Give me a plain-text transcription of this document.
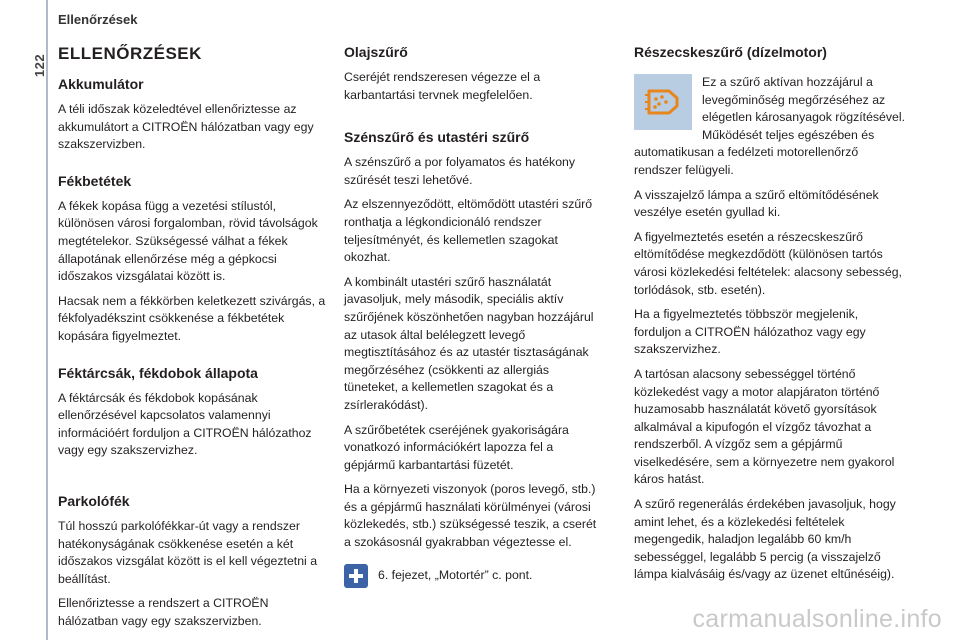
122
Ellenőrzések
ELLENŐRZÉSEK
Akkumulátor

A téli időszak közeledtével ellenőriztesse az akkumulátort a CITROËN hálózatban vagy egy szakszervizben.

Fékbetétek

A fékek kopása függ a vezetési stílustól, különösen városi forgalomban, rövid távolságok megtételekor. Szükségessé válhat a fékek állapotának ellenőrzése még a gépkocsi időszakos vizsgálatai között is.

Hacsak nem a fékkörben keletkezett szivárgás, a fékfolyadékszint csökkenése a fékbetétek kopására figyelmeztet.

Féktárcsák, fékdobok állapota

A féktárcsák és fékdobok kopásának ellenőrzésével kapcsolatos valamennyi információért forduljon a CITROËN hálózathoz vagy egy szakszervizhez.

Parkolófék

Túl hosszú parkolófékkar-út vagy a rendszer hatékonyságának csökkenése esetén a két időszakos vizsgálat között is el kell végeztetni a beállítást.

Ellenőriztesse a rendszert a CITROËN hálózatban vagy egy szakszervizben.

Olajszűrő

Cseréjét rendszeresen végezze el a karbantartási tervnek megfelelően.

Szénszűrő és utastéri szűrő

A szénszűrő a por folyamatos és hatékony szűrését teszi lehetővé.

Az elszennyeződött, eltömődött utastéri szűrő ronthatja a légkondicionáló rendszer teljesítményét, és kellemetlen szagokat okozhat.

A kombinált utastéri szűrő használatát javasoljuk, mely második, speciális aktív szűrőjének köszönhetően nagyban hozzájárul az utasok által belélegzett levegő megtisztításához és az utastér tisztaságának megőrzéséhez (csökkenti az allergiás tüneteket, a kellemetlen szagokat és a zsírlerakódást).

A szűrőbetétek cseréjének gyakoriságára vonatkozó információkért lapozza fel a gépjármű karbantartási füzetét.

Ha a környezeti viszonyok (poros levegő, stb.) és a gépjármű használati körülményei (városi közlekedés, stb.) szükségessé teszik, a cserét a szokásosnál gyakrabban végeztesse el.

6. fejezet, „Motortér” c. pont.

Részecskeszűrő (dízelmotor)

Ez a szűrő aktívan hozzájárul a levegőminőség megőrzéséhez az elégetlen károsanyagok rögzítésével. Működését teljes egészében és automatikusan a fedélzeti motorellenőrző rendszer felügyeli.

A visszajelző lámpa a szűrő eltömítődésének veszélye esetén gyullad ki.

A figyelmeztetés esetén a részecskeszűrő eltömítődése megkezdődött (különösen tartós városi közlekedési feltételek: alacsony sebesség, torlódások, stb. esetén).

Ha a figyelmeztetés többször megjelenik, forduljon a CITROËN hálózathoz vagy egy szakszervizhez.

A tartósan alacsony sebességgel történő közlekedést vagy a motor alapjáraton történő huzamosabb használatát követő gyorsítások alkalmával a kipufogón el vízgőz távozhat a rendszerből. A vízgőz sem a gépjármű viselkedésére, sem a környezetre nem gyakorol káros hatást.

A szűrő regenerálás érdekében javasoljuk, hogy amint lehet, és a közlekedési feltételek megengedik, haladjon legalább 60 km/h sebességgel, legalább 5 percig (a visszajelző lámpa kialvásáig és/vagy az üzenet eltűnéséig).

carmanualsonline.info
